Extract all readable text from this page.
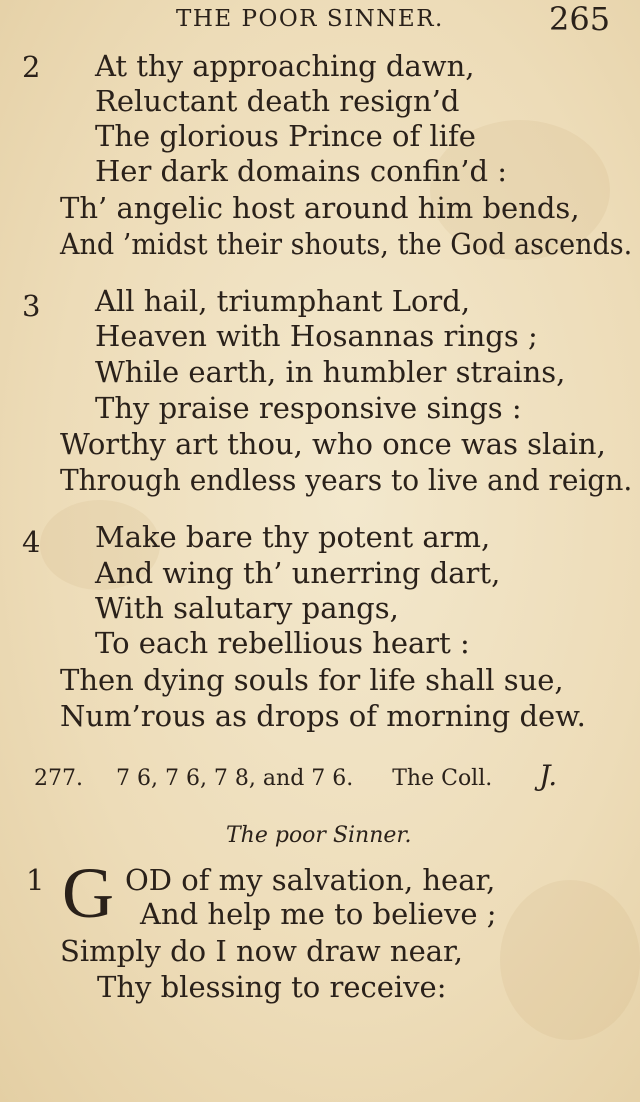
THE POOR SINNER.	265
2 At thy approaching dawn,
Reluctant death resign’d
The glorious Prince of life
Her dark domains confin’d :
Th’ angelic host around him bends,
And ’midst their shouts, the God ascends.
3 All hail, triumphant Lord,
Heaven with Hosannas rings ;
While earth, in humbler strains,
Thy praise responsive sings :
Worthy art thou, who once was slain,
Through endless years to live and reign.
4 Make bare thy potent arm,
And wing th’ unerring dart,
With salutary pangs,
To each rebellious heart :
Then dying souls for life shall sue,
Num’rous as drops of morning dew.
277. 7 6, 7 6, 7 8, and 7 6. The Coll. J.
The poor Sinner.
1 G OD of my salvation, hear,
And help me to believe ;
Simply do I now draw near,
Thy blessing to receive:
